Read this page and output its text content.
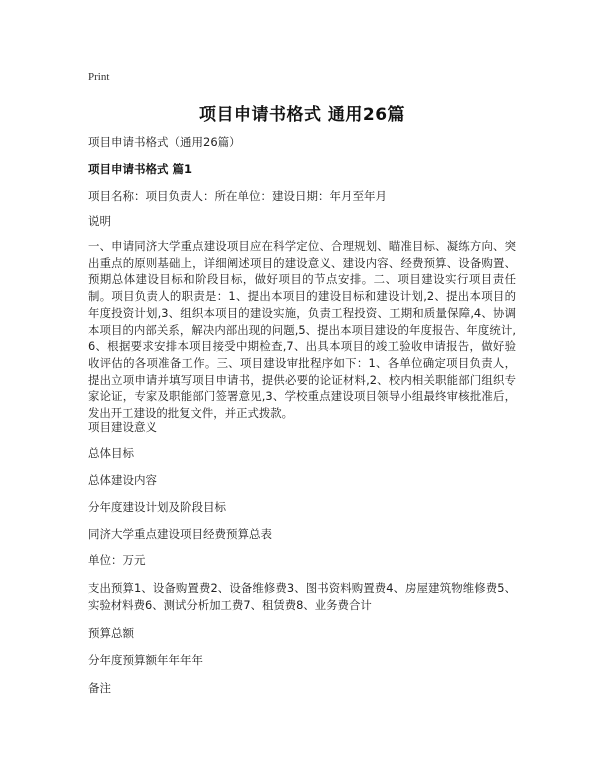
Print
项目申请书格式 通用26篇
项目申请书格式（通用26篇）
项目申请书格式 篇1
项目名称：项目负责人：所在单位：建设日期：年月至年月
说明
一、申请同济大学重点建设项目应在科学定位、合理规划、瞄准目标、凝练方向、突出重点的原则基础上，详细阐述项目的建设意义、建设内容、经费预算、设备购置、预期总体建设目标和阶段目标，做好项目的节点安排。二、项目建设实行项目责任制。项目负责人的职责是：1、提出本项目的建设目标和建设计划,2、提出本项目的年度投资计划,3、组织本项目的建设实施，负责工程投资、工期和质量保障,4、协调本项目的内部关系，解决内部出现的问题,5、提出本项目建设的年度报告、年度统计,6、根据要求安排本项目接受中期检查,7、出具本项目的竣工验收申请报告，做好验收评估的各项准备工作。三、项目建设审批程序如下：1、各单位确定项目负责人，提出立项申请并填写项目申请书，提供必要的论证材料,2、校内相关职能部门组织专家论证，专家及职能部门签署意见,3、学校重点建设项目领导小组最终审核批准后，发出开工建设的批复文件，并正式拨款。
项目建设意义
总体目标
总体建设内容
分年度建设计划及阶段目标
同济大学重点建设项目经费预算总表
单位：万元
支出预算1、设备购置费2、设备维修费3、图书资料购置费4、房屋建筑物维修费5、实验材料费6、测试分析加工费7、租赁费8、业务费合计
预算总额
分年度预算额年年年年
备注
